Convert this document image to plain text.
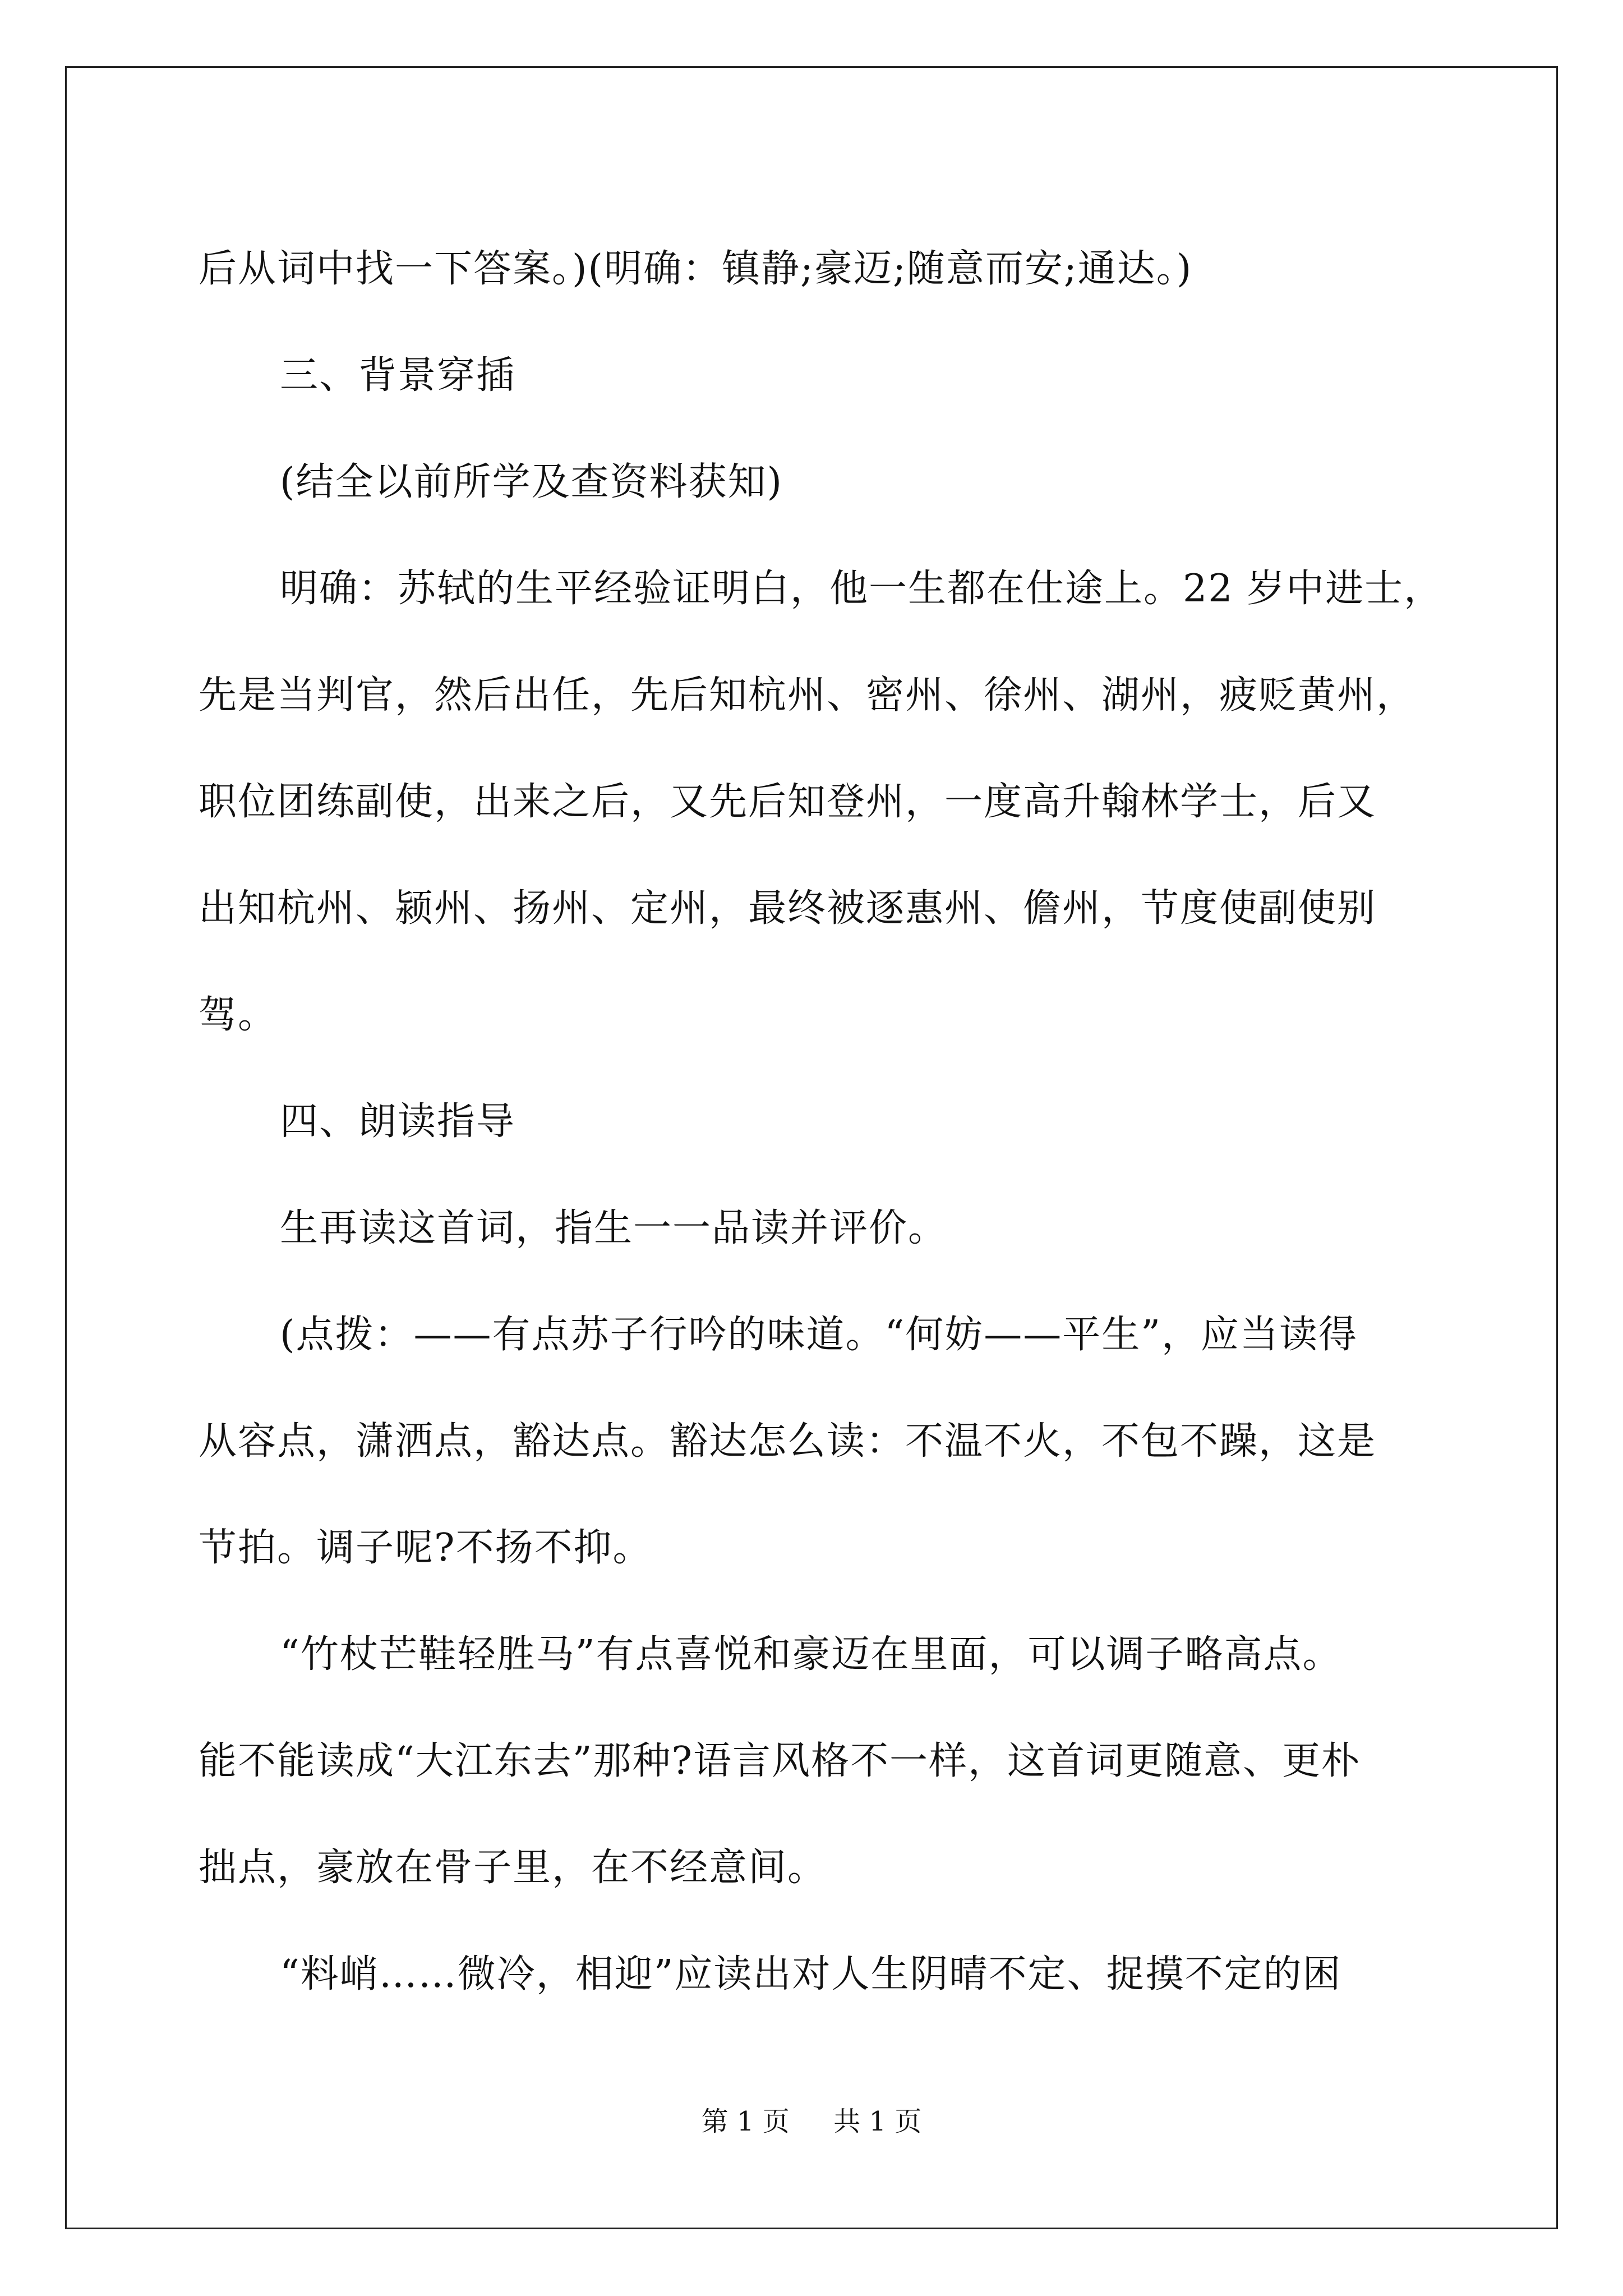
后从词中找一下答案。)(明确：镇静;豪迈;随意而安;通达。)

三、背景穿插

(结全以前所学及查资料获知)

明确：苏轼的生平经验证明白，他一生都在仕途上。22 岁中进士，

先是当判官，然后出任，先后知杭州、密州、徐州、湖州，疲贬黄州，

职位团练副使，出来之后，又先后知登州，一度高升翰林学士，后又

出知杭州、颍州、扬州、定州，最终被逐惠州、儋州，节度使副使别

驾。

四、朗读指导

生再读这首词，指生一一品读并评价。

(点拨：——有点苏子行吟的味道。“何妨——平生”，应当读得

从容点，潇洒点，豁达点。豁达怎么读：不温不火，不包不躁，这是

节拍。调子呢?不扬不抑。

“竹杖芒鞋轻胜马”有点喜悦和豪迈在里面，可以调子略高点。

能不能读成“大江东去”那种?语言风格不一样，这首词更随意、更朴

拙点，豪放在骨子里，在不经意间。

“料峭……微冷，相迎”应读出对人生阴晴不定、捉摸不定的困

第 1 页 共 1 页
